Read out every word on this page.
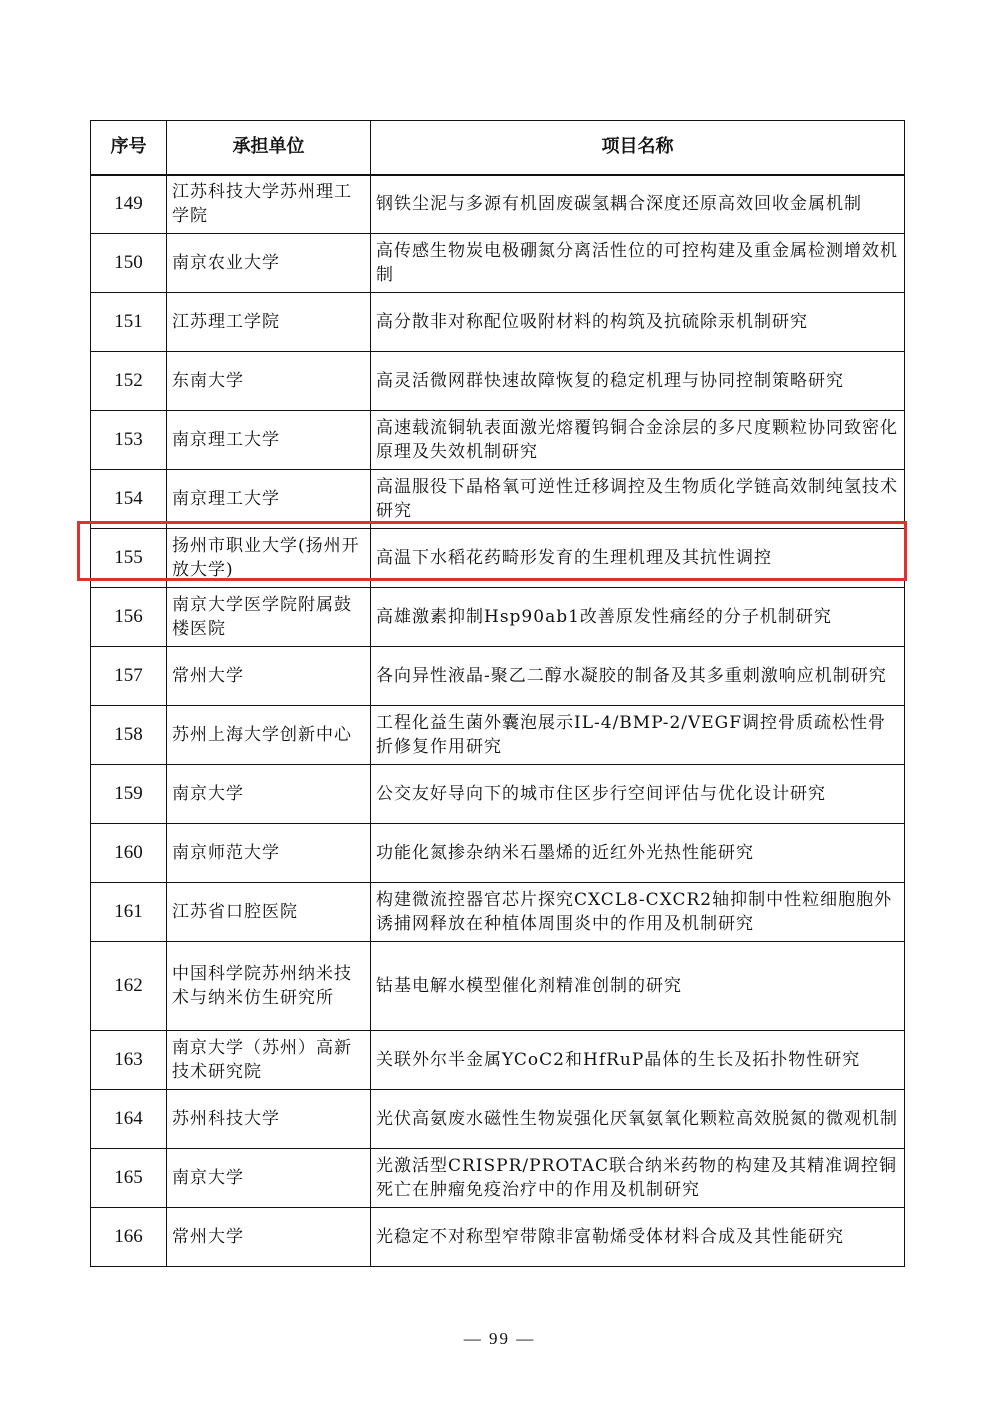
序号	承担单位	项目名称
149	江苏科技大学苏州理工学院	钢铁尘泥与多源有机固废碳氢耦合深度还原高效回收金属机制
150	南京农业大学	高传感生物炭电极硼氮分离活性位的可控构建及重金属检测增效机制
151	江苏理工学院	高分散非对称配位吸附材料的构筑及抗硫除汞机制研究
152	东南大学	高灵活微网群快速故障恢复的稳定机理与协同控制策略研究
153	南京理工大学	高速载流铜轨表面激光熔覆钨铜合金涂层的多尺度颗粒协同致密化原理及失效机制研究
154	南京理工大学	高温服役下晶格氧可逆性迁移调控及生物质化学链高效制纯氢技术研究
155	扬州市职业大学(扬州开放大学)	高温下水稻花药畸形发育的生理机理及其抗性调控
156	南京大学医学院附属鼓楼医院	高雄激素抑制Hsp90ab1改善原发性痛经的分子机制研究
157	常州大学	各向异性液晶-聚乙二醇水凝胶的制备及其多重刺激响应机制研究
158	苏州上海大学创新中心	工程化益生菌外囊泡展示IL-4/BMP-2/VEGF调控骨质疏松性骨折修复作用研究
159	南京大学	公交友好导向下的城市住区步行空间评估与优化设计研究
160	南京师范大学	功能化氮掺杂纳米石墨烯的近红外光热性能研究
161	江苏省口腔医院	构建微流控器官芯片探究CXCL8-CXCR2轴抑制中性粒细胞胞外诱捕网释放在种植体周围炎中的作用及机制研究
162	中国科学院苏州纳米技术与纳米仿生研究所	钴基电解水模型催化剂精准创制的研究
163	南京大学（苏州）高新技术研究院	关联外尔半金属YCoC2和HfRuP晶体的生长及拓扑物性研究
164	苏州科技大学	光伏高氨废水磁性生物炭强化厌氧氨氧化颗粒高效脱氮的微观机制
165	南京大学	光激活型CRISPR/PROTAC联合纳米药物的构建及其精准调控铜死亡在肿瘤免疫治疗中的作用及机制研究
166	常州大学	光稳定不对称型窄带隙非富勒烯受体材料合成及其性能研究
— 99 —
